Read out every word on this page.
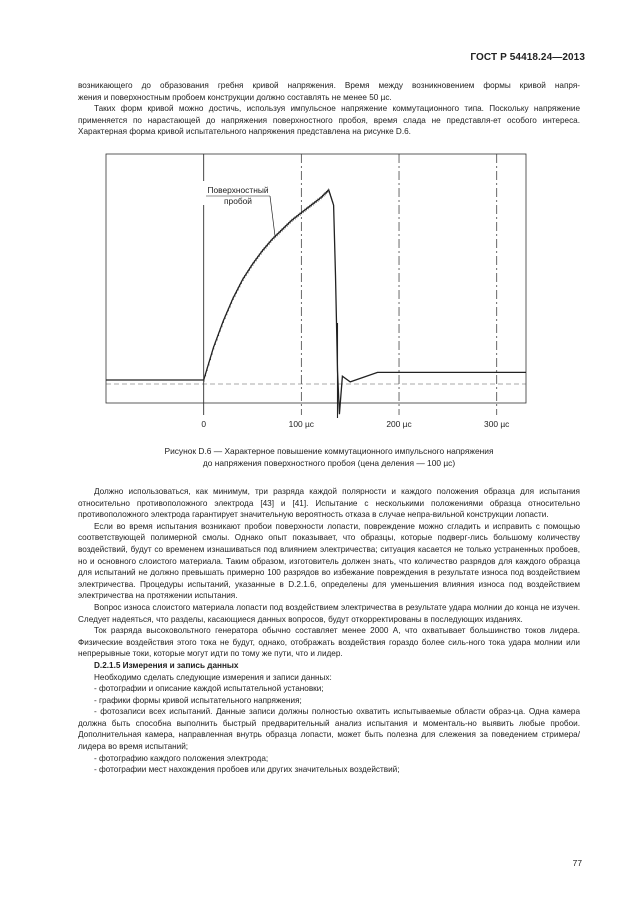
ГОСТ Р 54418.24—2013

возникающего до образования гребня кривой напряжения. Время между возникновением формы кривой напря-

жения и поверхностным пробоем конструкции должно составлять не менее 50 µс.

Таких форм кривой можно достичь, используя импульсное напряжение коммутационного типа. Поскольку напряжение применяется по нарастающей до напряжения поверхностного пробоя, время слада не представля-ет особого интереса. Характерная форма кривой испытательного напряжения представлена на рисунке D.6.

0	100 µс	200 µс	300 µс
Поверхностный
пробой
Рисунок D.6 — Характерное повышение коммутационного импульсного напряжения
до напряжения поверхностного пробоя (цена деления — 100 µс)

Должно использоваться, как минимум, три разряда каждой полярности и каждого положения образца для испытания относительно противоположного электрода [43] и [41]. Испытание с несколькими положениями образца относительно противоположного электрода гарантирует значительную вероятность отказа в случае непра-вильной конструкции лопасти.

Если во время испытания возникают пробои поверхности лопасти, повреждение можно сгладить и исправить с помощью соответствующей полимерной смолы. Однако опыт показывает, что образцы, которые подверг-лись большому количеству воздействий, будут со временем изнашиваться под влиянием электричества; ситуация касается не только устраненных пробоев, но и основного слоистого материала. Таким образом, изготовитель должен знать, что количество разрядов для каждого образца для испытаний не должно превышать примерно 100 разрядов во избежание повреждения в результате износа под воздействием электричества. Процедуры испытаний, указанные в D.2.1.6, определены для уменьшения влияния износа под воздействием электричества на протяжении испытания.

Вопрос износа слоистого материала лопасти под воздействием электричества в результате удара молнии до конца не изучен. Следует надеяться, что разделы, касающиеся данных вопросов, будут откорректированы в последующих изданиях.

Ток разряда высоковольтного генератора обычно составляет менее 2000 А, что охватывает большинство токов лидера. Физические воздействия этого тока не будут, однако, отображать воздействия гораздо более силь-ного тока удара молнии или непрерывные токи, которые могут идти по тому же пути, что и лидер.

D.2.1.5 Измерения и запись данных

Необходимо сделать следующие измерения и записи данных:

- фотографии и описание каждой испытательной установки;

- графики формы кривой испытательного напряжения;

- фотозаписи всех испытаний. Данные записи должны полностью охватить испытываемые области образ-ца. Одна камера должна быть способна выполнить быстрый предварительный анализ испытания и моменталь-но выявить любые пробои. Дополнительная камера, направленная внутрь образца лопасти, может быть полезна для слежения за поведением стримера/лидера во время испытаний;

- фотографию каждого положения электрода;

- фотографии мест нахождения пробоев или других значительных воздействий;

77
